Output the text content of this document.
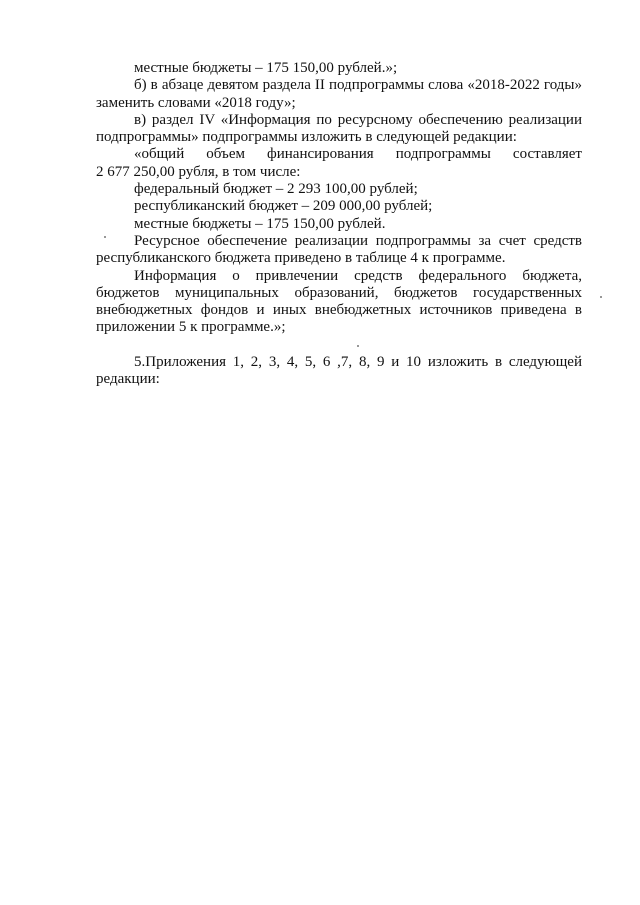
местные бюджеты – 175 150,00 рублей.»;

б) в абзаце девятом раздела II подпрограммы слова «2018-2022 годы» заменить словами «2018 году»;

в) раздел IV «Информация по ресурсному обеспечению реализации подпрограммы» подпрограммы изложить в следующей редакции:

«общий объем финансирования подпрограммы составляет

2 677 250,00 рубля, в том числе:

федеральный бюджет – 2 293 100,00 рублей;

республиканский бюджет – 209 000,00 рублей;

местные бюджеты – 175 150,00 рублей.

Ресурсное обеспечение реализации подпрограммы за счет средств республиканского бюджета приведено в таблице 4 к программе.

Информация о привлечении средств федерального бюджета, бюджетов муниципальных образований, бюджетов государственных внебюджетных фондов и иных внебюджетных источников приведена в приложении 5 к программе.»;

5.Приложения 1, 2, 3, 4, 5, 6 ,7, 8, 9 и 10 изложить в следующей редакции:
